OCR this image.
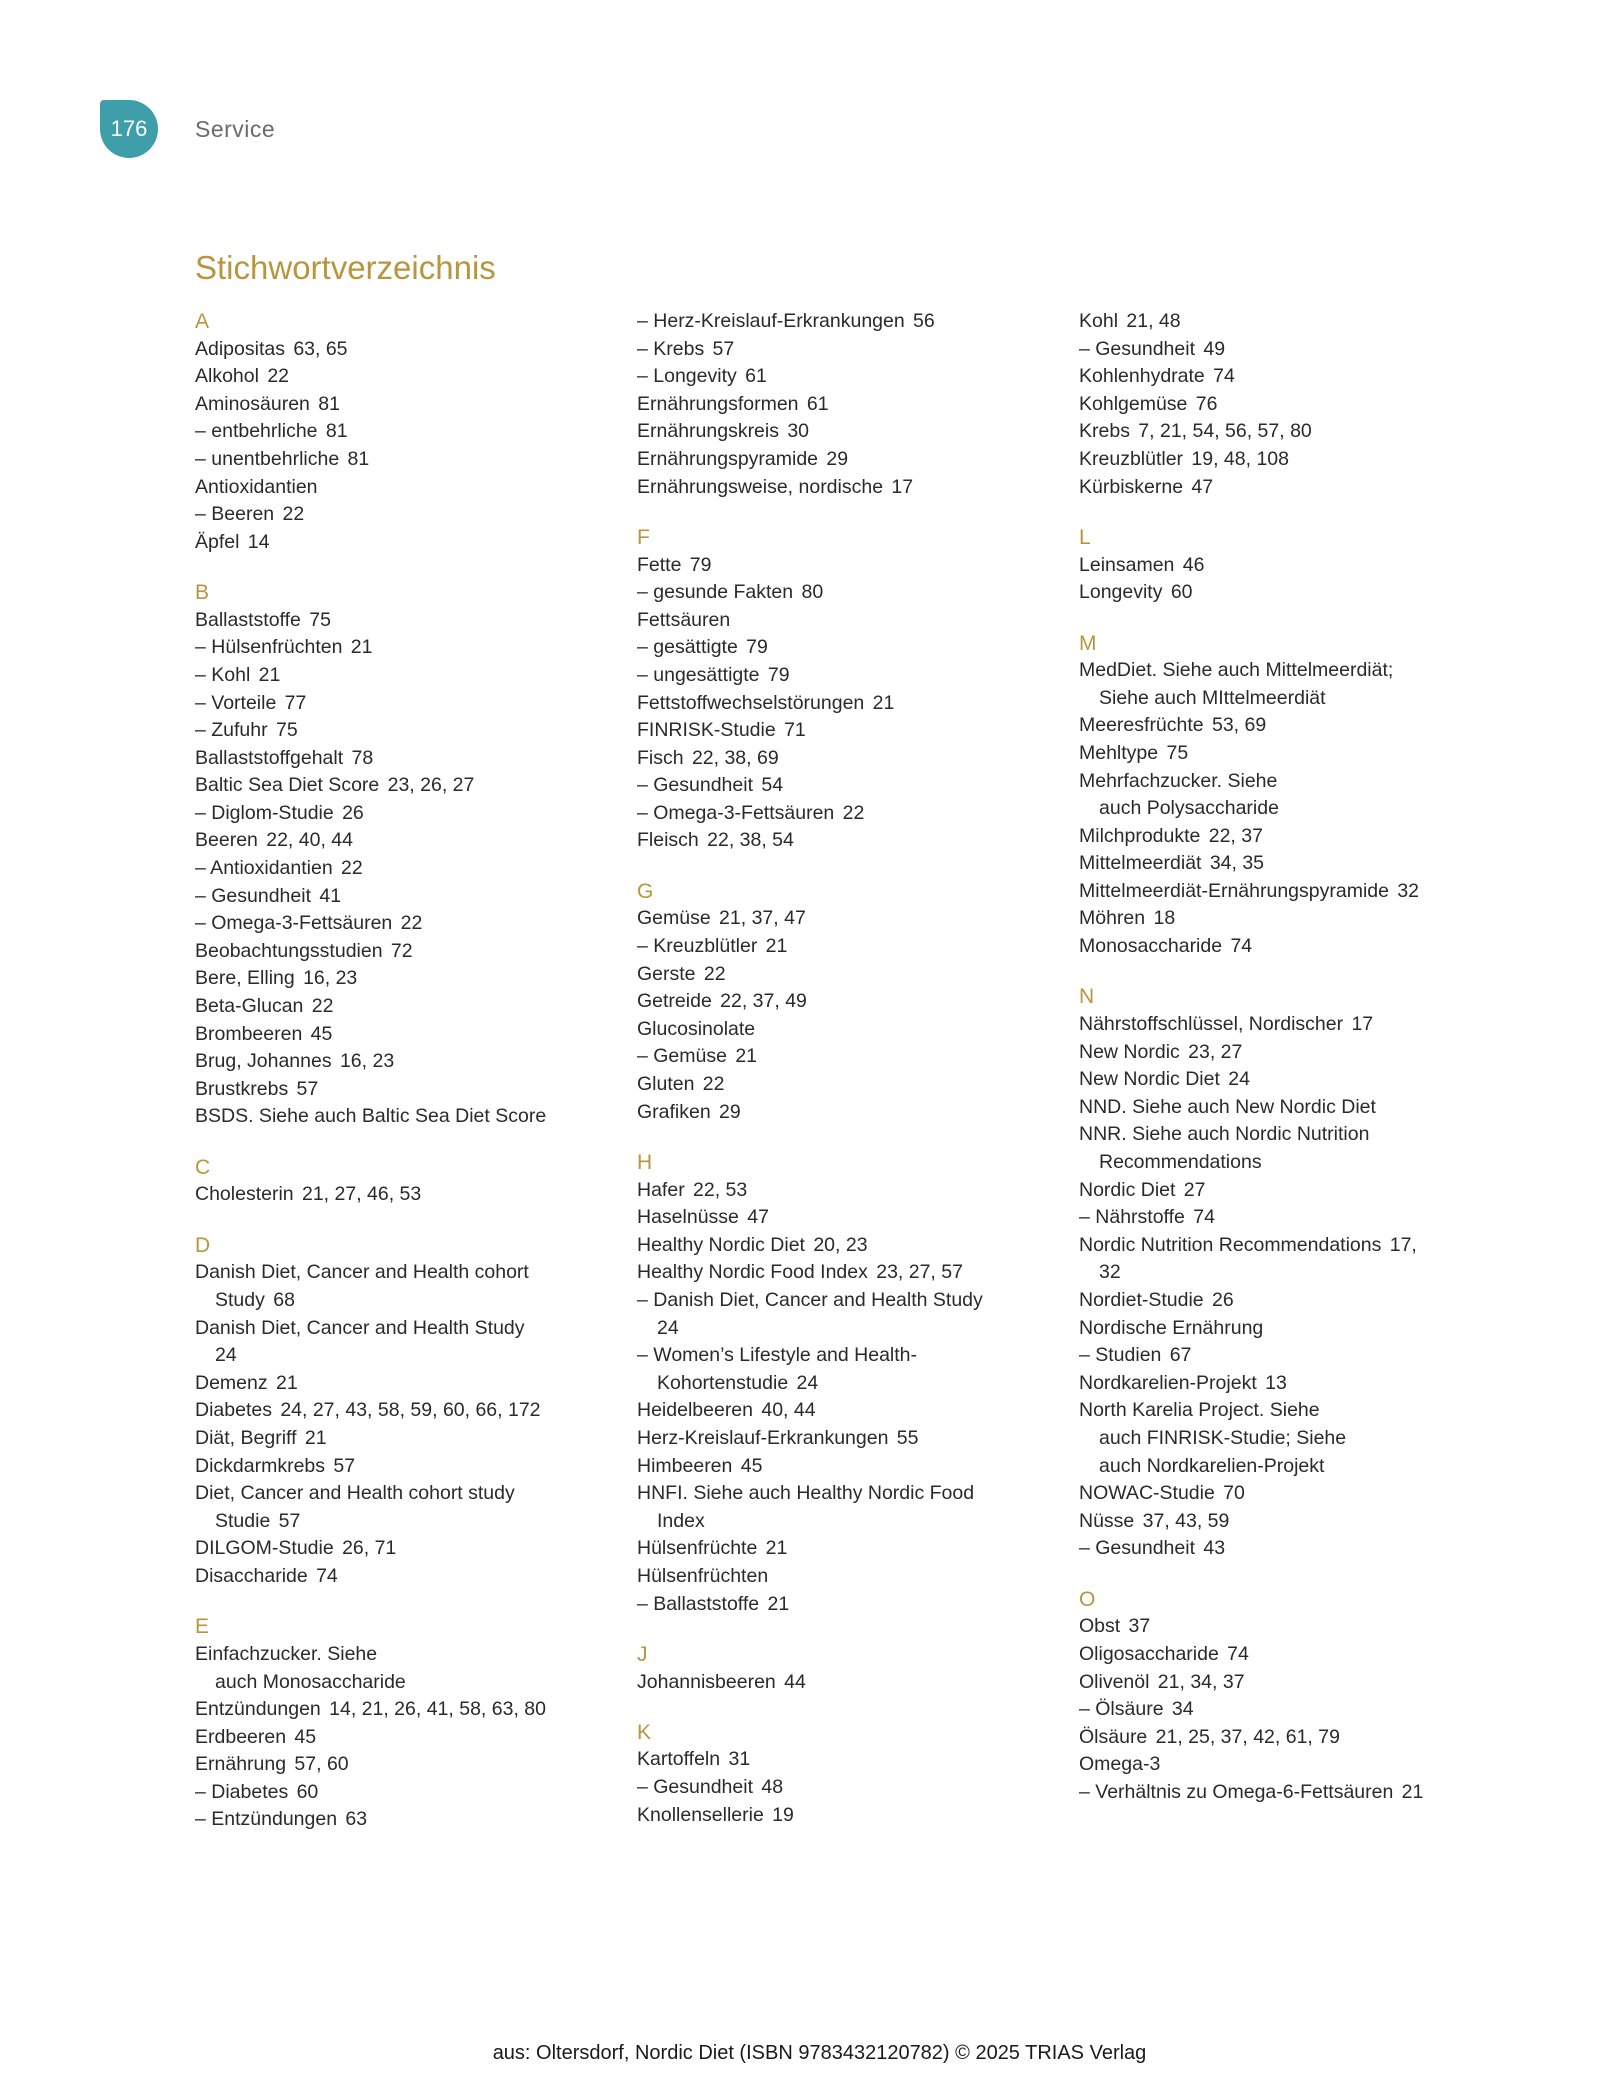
176 Service
Stichwortverzeichnis
A
Adipositas 63, 65
Alkohol 22
Aminosäuren 81
– entbehrliche 81
– unentbehrliche 81
Antioxidantien
– Beeren 22
Äpfel 14
B
Ballaststoffe 75
– Hülsenfrüchten 21
– Kohl 21
– Vorteile 77
– Zufuhr 75
Ballaststoffgehalt 78
Baltic Sea Diet Score 23, 26, 27
– Diglom-Studie 26
Beeren 22, 40, 44
– Antioxidantien 22
– Gesundheit 41
– Omega-3-Fettsäuren 22
Beobachtungsstudien 72
Bere, Elling 16, 23
Beta-Glucan 22
Brombeeren 45
Brug, Johannes 16, 23
Brustkrebs 57
BSDS. Siehe auch Baltic Sea Diet Score
C
Cholesterin 21, 27, 46, 53
D
Danish Diet, Cancer and Health cohort
Study 68
Danish Diet, Cancer and Health Study
24
Demenz 21
Diabetes 24, 27, 43, 58, 59, 60, 66, 172
Diät, Begriff 21
Dickdarmkrebs 57
Diet, Cancer and Health cohort study
Studie 57
DILGOM-Studie 26, 71
Disaccharide 74
E
Einfachzucker. Siehe
auch Monosaccharide
Entzündungen 14, 21, 26, 41, 58, 63, 80
Erdbeeren 45
Ernährung 57, 60
– Diabetes 60
– Entzündungen 63
– Herz-Kreislauf-Erkrankungen 56
– Krebs 57
– Longevity 61
Ernährungsformen 61
Ernährungskreis 30
Ernährungspyramide 29
Ernährungsweise, nordische 17
F
Fette 79
– gesunde Fakten 80
Fettsäuren
– gesättigte 79
– ungesättigte 79
Fettstoffwechselstörungen 21
FINRISK-Studie 71
Fisch 22, 38, 69
– Gesundheit 54
– Omega-3-Fettsäuren 22
Fleisch 22, 38, 54
G
Gemüse 21, 37, 47
– Kreuzblütler 21
Gerste 22
Getreide 22, 37, 49
Glucosinolate
– Gemüse 21
Gluten 22
Grafiken 29
H
Hafer 22, 53
Haselnüsse 47
Healthy Nordic Diet 20, 23
Healthy Nordic Food Index 23, 27, 57
– Danish Diet, Cancer and Health Study
24
– Women’s Lifestyle and Health-
Kohortenstudie 24
Heidelbeeren 40, 44
Herz-Kreislauf-Erkrankungen 55
Himbeeren 45
HNFI. Siehe auch Healthy Nordic Food
Index
Hülsenfrüchte 21
Hülsenfrüchten
– Ballaststoffe 21
J
Johannisbeeren 44
K
Kartoffeln 31
– Gesundheit 48
Knollensellerie 19
Kohl 21, 48
– Gesundheit 49
Kohlenhydrate 74
Kohlgemüse 76
Krebs 7, 21, 54, 56, 57, 80
Kreuzblütler 19, 48, 108
Kürbiskerne 47
L
Leinsamen 46
Longevity 60
M
MedDiet. Siehe auch Mittelmeerdiät;
Siehe auch MIttelmeerdiät
Meeresfrüchte 53, 69
Mehltype 75
Mehrfachzucker. Siehe
auch Polysaccharide
Milchprodukte 22, 37
Mittelmeerdiät 34, 35
Mittelmeerdiät-Ernährungspyramide 32
Möhren 18
Monosaccharide 74
N
Nährstoffschlüssel, Nordischer 17
New Nordic 23, 27
New Nordic Diet 24
NND. Siehe auch New Nordic Diet
NNR. Siehe auch Nordic Nutrition
Recommendations
Nordic Diet 27
– Nährstoffe 74
Nordic Nutrition Recommendations 17,
32
Nordiet-Studie 26
Nordische Ernährung
– Studien 67
Nordkarelien-Projekt 13
North Karelia Project. Siehe
auch FINRISK-Studie; Siehe
auch Nordkarelien-Projekt
NOWAC-Studie 70
Nüsse 37, 43, 59
– Gesundheit 43
O
Obst 37
Oligosaccharide 74
Olivenöl 21, 34, 37
– Ölsäure 34
Ölsäure 21, 25, 37, 42, 61, 79
Omega-3
– Verhältnis zu Omega-6-Fettsäuren 21
aus: Oltersdorf, Nordic Diet (ISBN 9783432120782) © 2025 TRIAS Verlag
